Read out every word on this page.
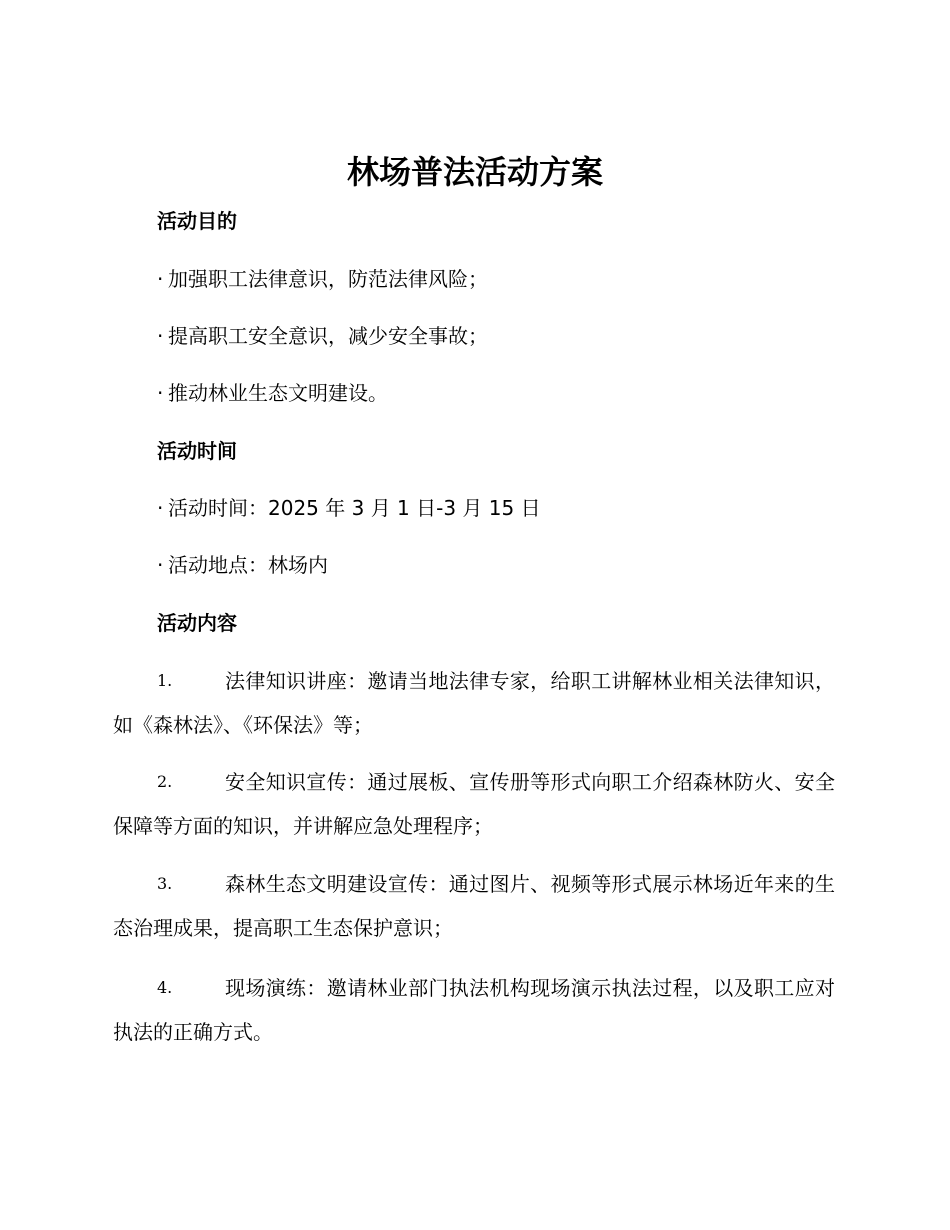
林场普法活动方案
活动目的

· 加强职工法律意识，防范法律风险；

· 提高职工安全意识，减少安全事故；

· 推动林业生态文明建设。

活动时间

· 活动时间：2025 年 3 月 1 日-3 月 15 日

· 活动地点：林场内

活动内容
1.	法律知识讲座：邀请当地法律专家，给职工讲解林业相关法律知识，如《森林法》、《环保法》等；
2.	安全知识宣传：通过展板、宣传册等形式向职工介绍森林防火、安全保障等方面的知识，并讲解应急处理程序；
3.	森林生态文明建设宣传：通过图片、视频等形式展示林场近年来的生态治理成果，提高职工生态保护意识；
4.	现场演练：邀请林业部门执法机构现场演示执法过程，以及职工应对执法的正确方式。
